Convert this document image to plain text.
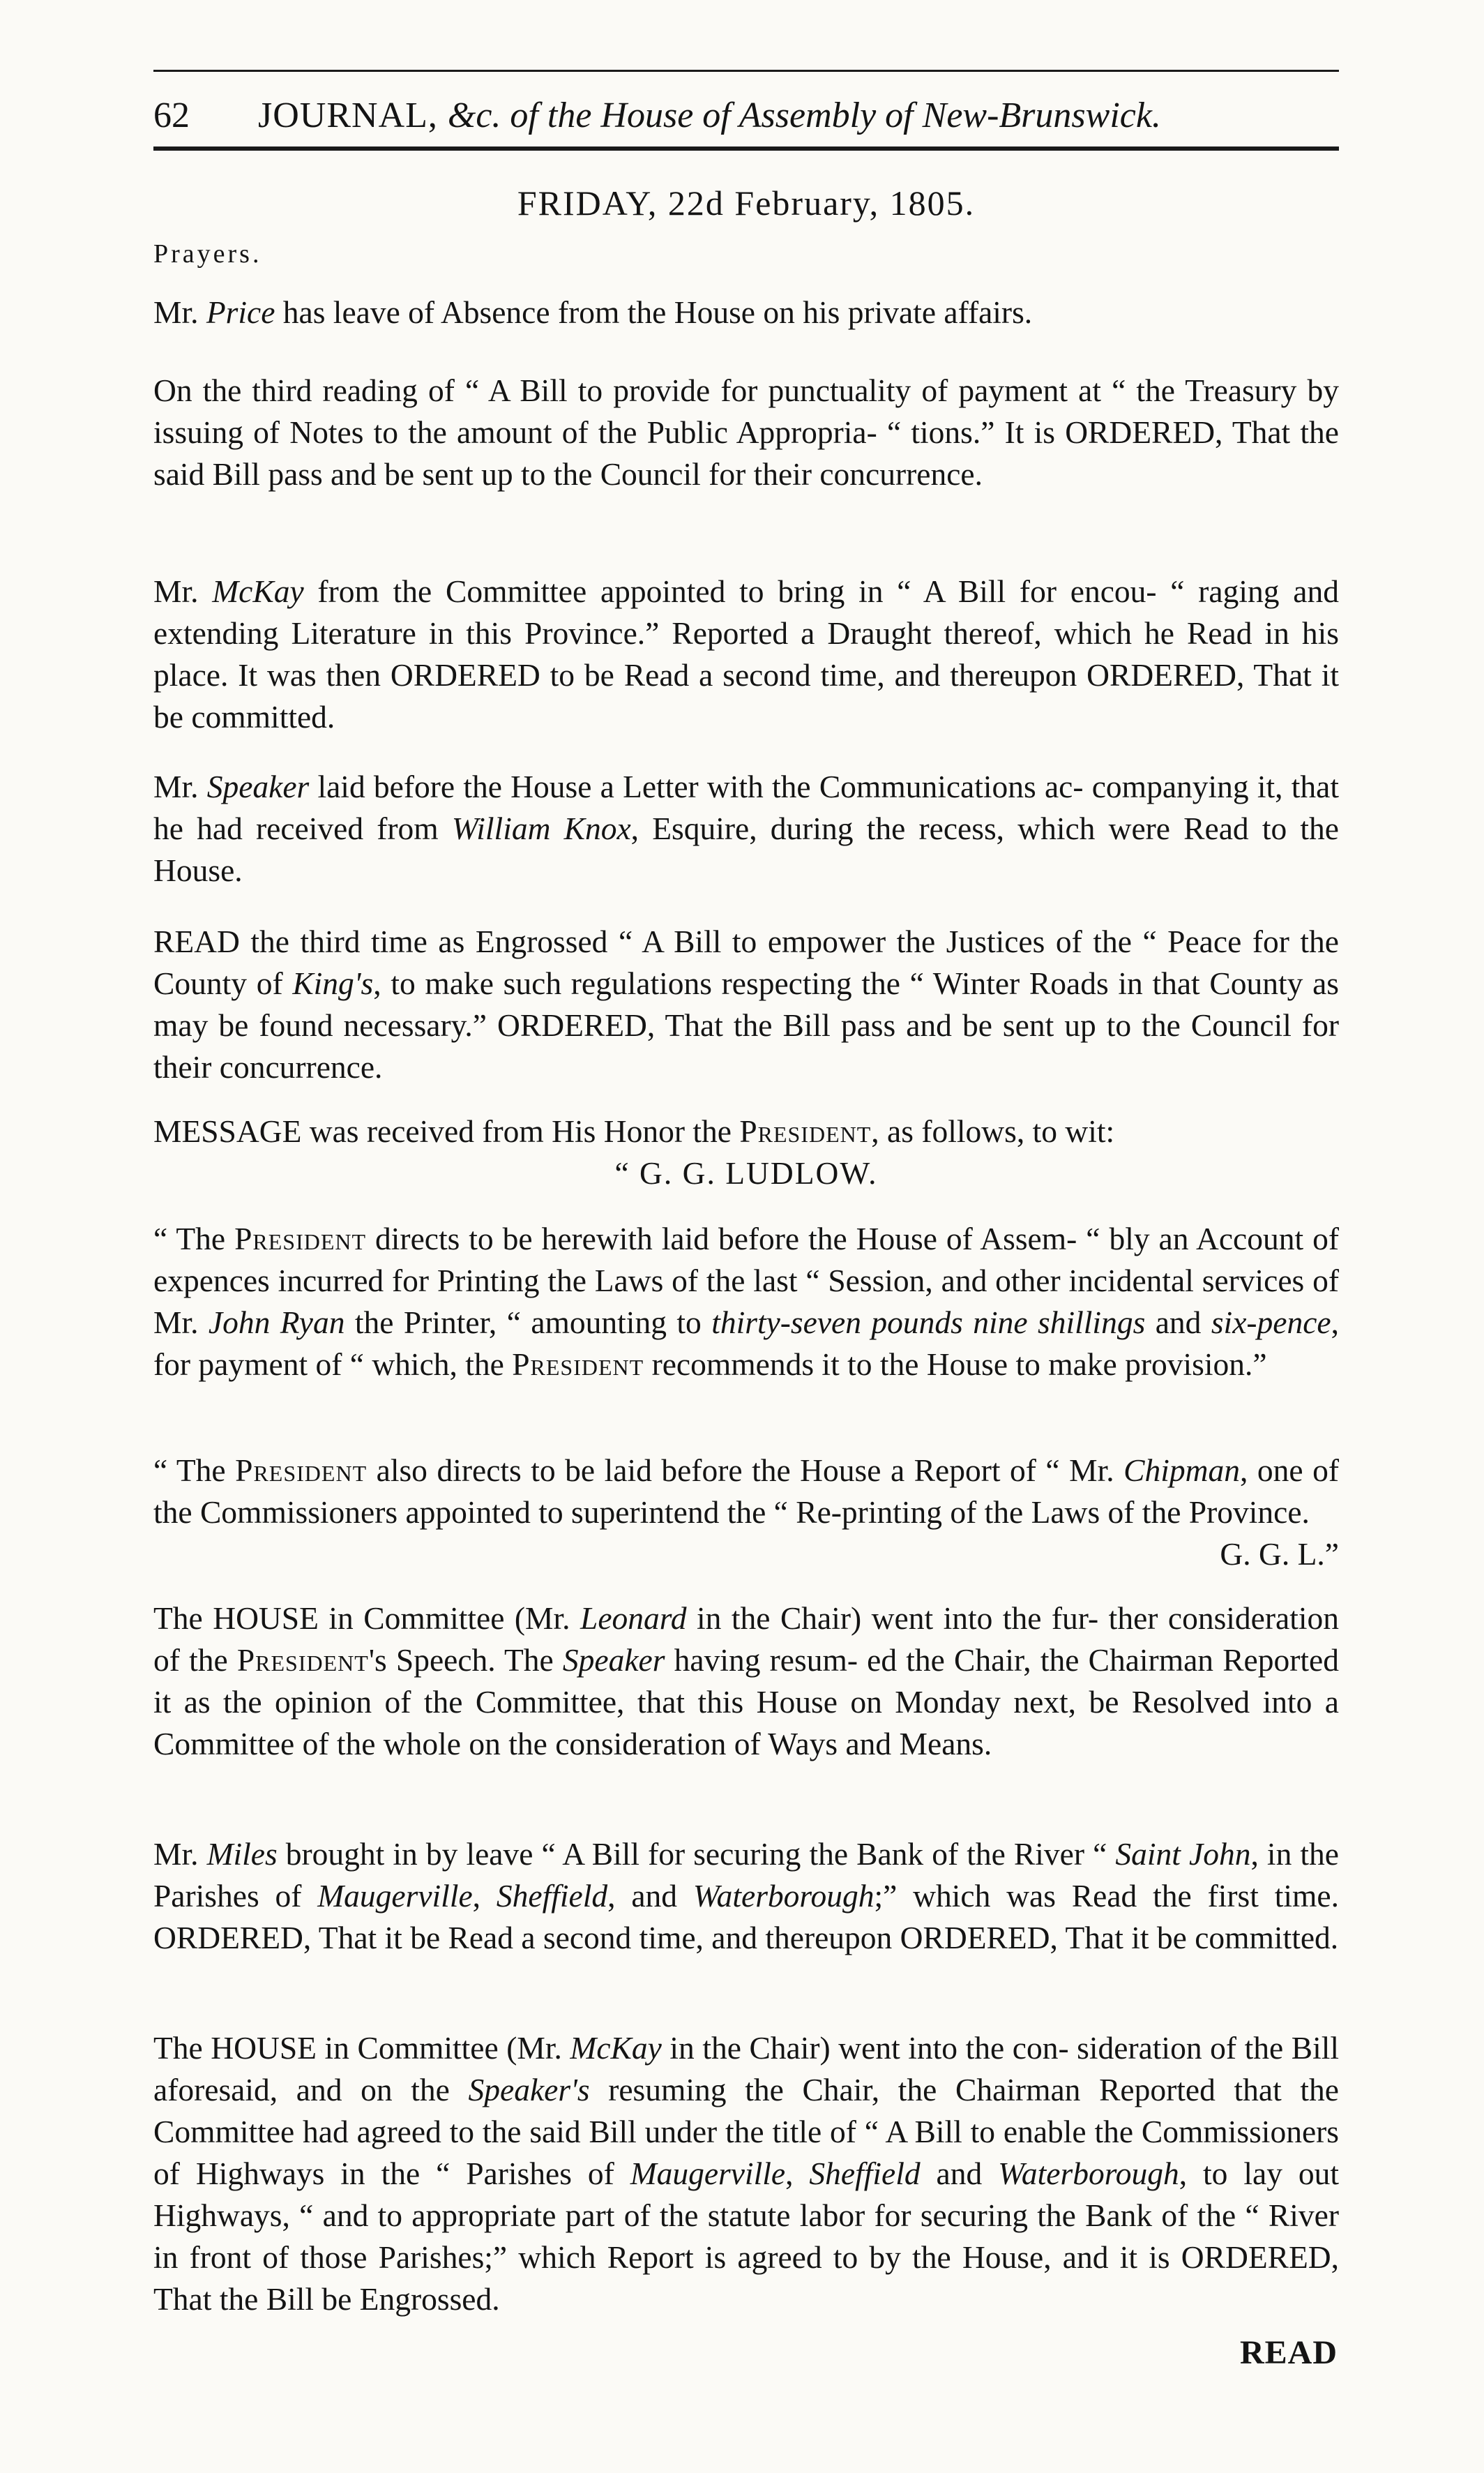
62 JOURNAL, &c. of the House of Assembly of New-Brunswick.
FRIDAY, 22d February, 1805.
Prayers.

Mr. Price has leave of Absence from the House on his private affairs.

On the third reading of “ A Bill to provide for punctuality of payment at “ the Treasury by issuing of Notes to the amount of the Public Appropria- “ tions.” It is ORDERED, That the said Bill pass and be sent up to the Council for their concurrence.

Mr. McKay from the Committee appointed to bring in “ A Bill for encou- “ raging and extending Literature in this Province.” Reported a Draught thereof, which he Read in his place. It was then ORDERED to be Read a second time, and thereupon ORDERED, That it be committed.

Mr. Speaker laid before the House a Letter with the Communications ac- companying it, that he had received from William Knox, Esquire, during the recess, which were Read to the House.

READ the third time as Engrossed “ A Bill to empower the Justices of the “ Peace for the County of King's, to make such regulations respecting the “ Winter Roads in that County as may be found necessary.” ORDERED, That the Bill pass and be sent up to the Council for their concurrence.

MESSAGE was received from His Honor the President, as follows, to wit:

“ G. G. LUDLOW.

“ The President directs to be herewith laid before the House of Assem- “ bly an Account of expences incurred for Printing the Laws of the last “ Session, and other incidental services of Mr. John Ryan the Printer, “ amounting to thirty-seven pounds nine shillings and six-pence, for payment of “ which, the President recommends it to the House to make provision.”

“ The President also directs to be laid before the House a Report of “ Mr. Chipman, one of the Commissioners appointed to superintend the “ Re-printing of the Laws of the Province.
G. G. L.”

The HOUSE in Committee (Mr. Leonard in the Chair) went into the fur- ther consideration of the President's Speech. The Speaker having resum- ed the Chair, the Chairman Reported it as the opinion of the Committee, that this House on Monday next, be Resolved into a Committee of the whole on the consideration of Ways and Means.

Mr. Miles brought in by leave “ A Bill for securing the Bank of the River “ Saint John, in the Parishes of Maugerville, Sheffield, and Waterborough;” which was Read the first time. ORDERED, That it be Read a second time, and thereupon ORDERED, That it be committed.

The HOUSE in Committee (Mr. McKay in the Chair) went into the con- sideration of the Bill aforesaid, and on the Speaker's resuming the Chair, the Chairman Reported that the Committee had agreed to the said Bill under the title of “ A Bill to enable the Commissioners of Highways in the “ Parishes of Maugerville, Sheffield and Waterborough, to lay out Highways, “ and to appropriate part of the statute labor for securing the Bank of the “ River in front of those Parishes;” which Report is agreed to by the House, and it is ORDERED, That the Bill be Engrossed.

READ
